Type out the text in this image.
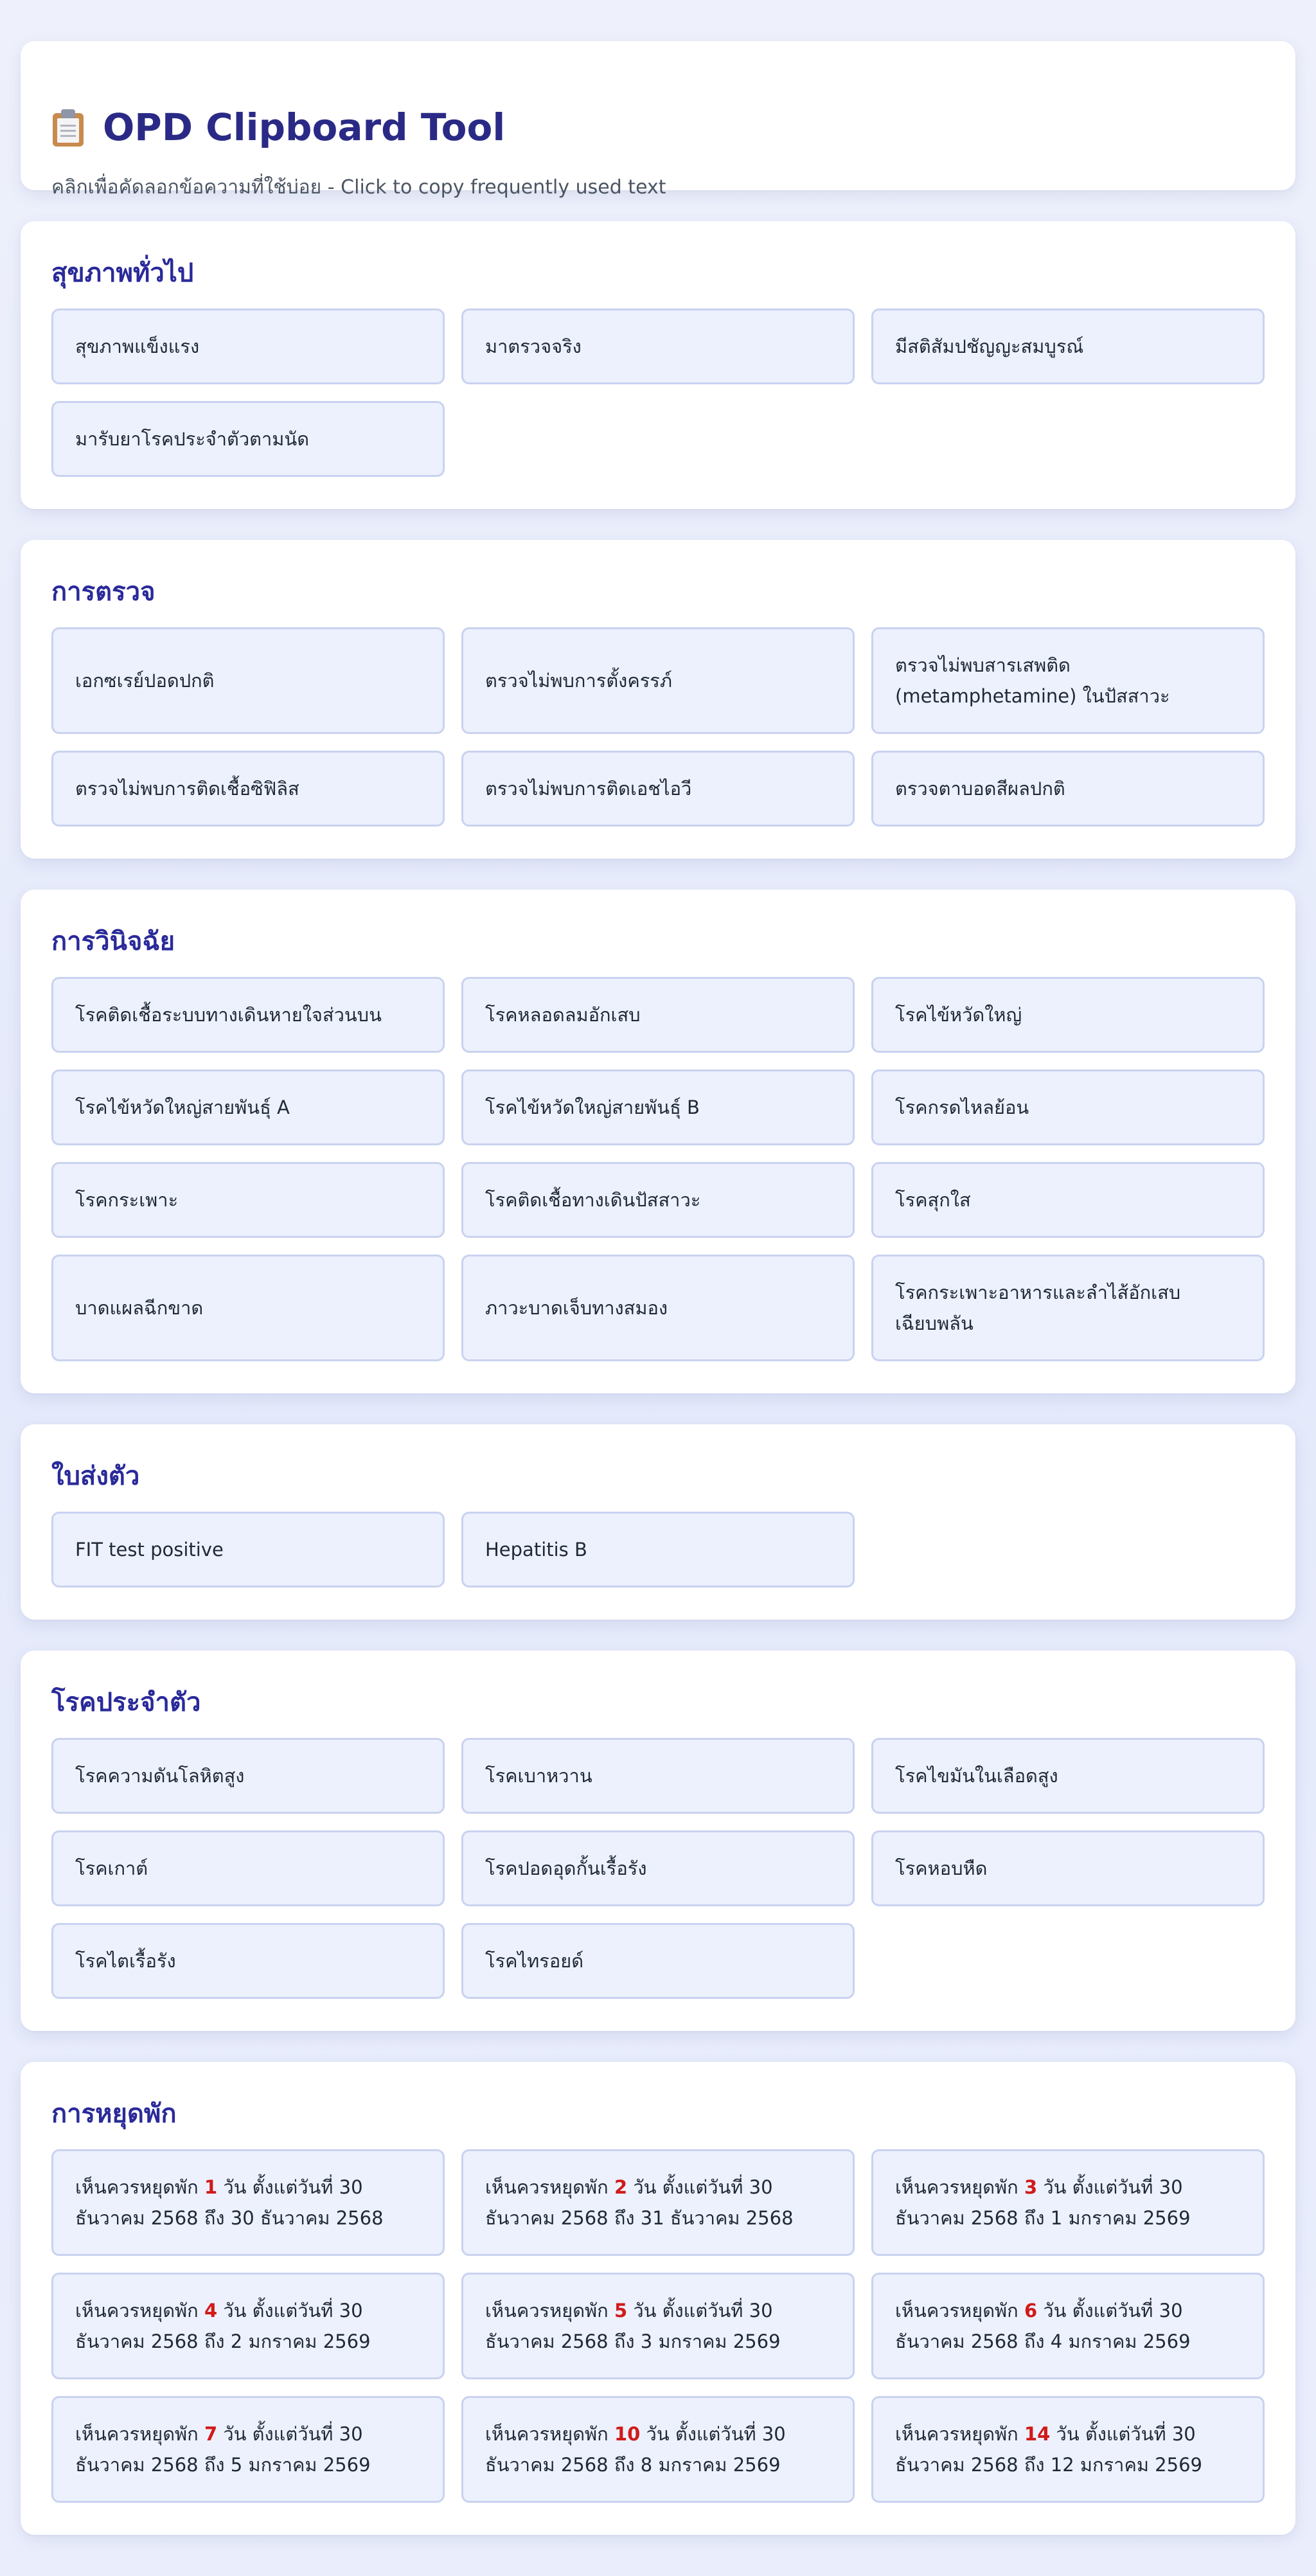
OPD Clipboard Tool
คลิกเพื่อคัดลอกข้อความที่ใช้บ่อย - Click to copy frequently used text
สุขภาพทั่วไป
สุขภาพแข็งแรง	มาตรวจจริง	มีสติสัมปชัญญะสมบูรณ์
มารับยาโรคประจำตัวตามนัด
การตรวจ
เอกซเรย์ปอดปกติ	ตรวจไม่พบการตั้งครรภ์
ตรวจไม่พบสารเสพติด (metamphetamine) ในปัสสาวะ
ตรวจไม่พบการติดเชื้อซิฟิลิส	ตรวจไม่พบการติดเอชไอวี	ตรวจตาบอดสีผลปกติ
การวินิจฉัย
โรคติดเชื้อระบบทางเดินหายใจส่วนบน	โรคหลอดลมอักเสบ	โรคไข้หวัดใหญ่
โรคไข้หวัดใหญ่สายพันธุ์ A	โรคไข้หวัดใหญ่สายพันธุ์ B	โรคกรดไหลย้อน
โรคกระเพาะ	โรคติดเชื้อทางเดินปัสสาวะ	โรคสุกใส
บาดแผลฉีกขาด	ภาวะบาดเจ็บทางสมอง
โรคกระเพาะอาหารและลำไส้อักเสบเฉียบพลัน
ใบส่งตัว
FIT test positive	Hepatitis B
โรคประจำตัว
โรคความดันโลหิตสูง	โรคเบาหวาน	โรคไขมันในเลือดสูง
โรคเกาต์	โรคปอดอุดกั้นเรื้อรัง	โรคหอบหืด
โรคไตเรื้อรัง	โรคไทรอยด์
การหยุดพัก
เห็นควรหยุดพัก 1 วัน ตั้งแต่วันที่ 30 ธันวาคม 2568 ถึง 30 ธันวาคม 2568
เห็นควรหยุดพัก 2 วัน ตั้งแต่วันที่ 30 ธันวาคม 2568 ถึง 31 ธันวาคม 2568
เห็นควรหยุดพัก 3 วัน ตั้งแต่วันที่ 30 ธันวาคม 2568 ถึง 1 มกราคม 2569
เห็นควรหยุดพัก 4 วัน ตั้งแต่วันที่ 30 ธันวาคม 2568 ถึง 2 มกราคม 2569
เห็นควรหยุดพัก 5 วัน ตั้งแต่วันที่ 30 ธันวาคม 2568 ถึง 3 มกราคม 2569
เห็นควรหยุดพัก 6 วัน ตั้งแต่วันที่ 30 ธันวาคม 2568 ถึง 4 มกราคม 2569
เห็นควรหยุดพัก 7 วัน ตั้งแต่วันที่ 30 ธันวาคม 2568 ถึง 5 มกราคม 2569
เห็นควรหยุดพัก 10 วัน ตั้งแต่วันที่ 30 ธันวาคม 2568 ถึง 8 มกราคม 2569
เห็นควรหยุดพัก 14 วัน ตั้งแต่วันที่ 30 ธันวาคม 2568 ถึง 12 มกราคม 2569
